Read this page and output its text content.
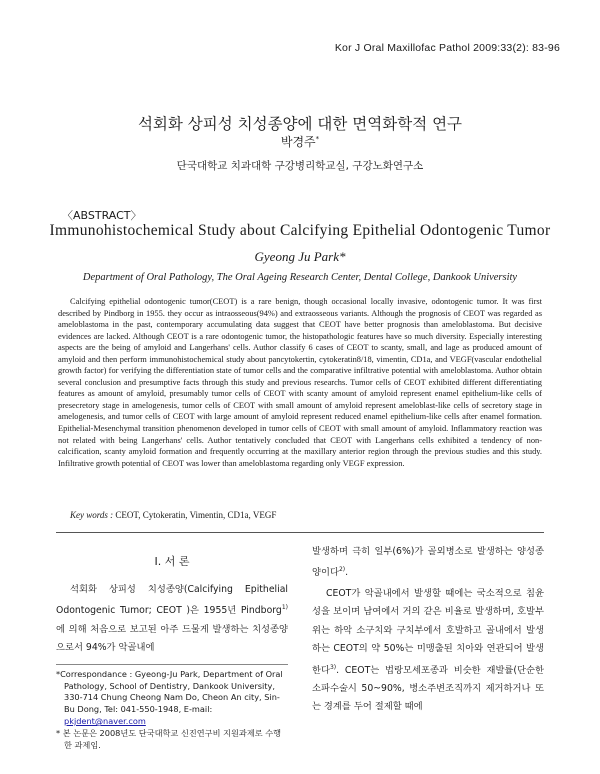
Kor J Oral Maxillofac Pathol 2009:33(2): 83-96
석회화 상피성 치성종양에 대한 면역화학적 연구
박경주*
단국대학교 치과대학 구강병리학교실, 구강노화연구소
〈ABSTRACT〉
Immunohistochemical Study about Calcifying Epithelial Odontogenic Tumor
Gyeong Ju Park*
Department of Oral Pathology, The Oral Ageing Research Center, Dental College, Dankook University

Calcifying epithelial odontogenic tumor(CEOT) is a rare benign, though occasional locally invasive, odontogenic tumor. It was first described by Pindborg in 1955. they occur as intraosseous(94%) and extraosseous variants. Although the prognosis of CEOT was regarded as ameloblastoma in the past, contemporary accumulating data suggest that CEOT have better prognosis than ameloblastoma. But decisive evidences are lacked. Although CEOT is a rare odontogenic tumor, the histopathologic features have so much diversity. Especially interesting aspects are the being of amyloid and Langerhans' cells. Author classify 6 cases of CEOT to scanty, small, and lage as produced amount of amyloid and then perform immunohistochemical study about pancytokertin, cytokeratin8/18, vimentin, CD1a, and VEGF(vascular endothelial growth factor) for verifying the differentiation state of tumor cells and the comparative infiltrative potential with ameloblastoma. Author obtain several conclusion and presumptive facts through this study and previous researchs. Tumor cells of CEOT exhibited different differentiating features as amount of amyloid, presumably tumor cells of CEOT with scanty amount of amyloid represent enamel epithelium-like cells of presecretory stage in amelogenesis, tumor cells of CEOT with small amount of amyloid represent ameloblast-like cells of secretory stage in amelogenesis, and tumor cells of CEOT with large amount of amyloid represent reduced enamel epithelium-like cells after enamel formation. Epithelial-Mesenchymal transition phenomenon developed in tumor cells of CEOT with small amount of amyloid. Inflammatory reaction was not related with being Langerhans' cells. Author tentatively concluded that CEOT with Langerhans cells exhibited a tendency of non-calcification, scanty amyloid formation and frequently occurring at the maxillary anterior region through the previous studies and this study. Infiltrative growth potential of CEOT was lower than ameloblastoma regarding only VEGF expression.

Key words : CEOT, Cytokeratin, Vimentin, CD1a, VEGF
I. 서 론

석회화 상피성 치성종양(Calcifying Epithelial Odontogenic Tumor; CEOT )은 1955년 Pindborg$^{1)}$에 의해 처음으로 보고된 아주 드물게 발생하는 치성종양으로서 94%가 악골내에

*Correspondance : Gyeong-Ju Park, Department of Oral Pathology, School of Dentistry, Dankook University, 330-714 Chung Cheong Nam Do, Cheon An city, Sin-Bu Dong, Tel: 041-550-1948, E-mail: pkjdent@naver.com
* 본 논문은 2008년도 단국대학교 신진연구비 지원과제로 수행한 과제임.

발생하며 극히 일부(6%)가 골외병소로 발생하는 양성종양이다$^{2)}$.

CEOT가 악골내에서 발생할 때에는 국소적으로 침윤성을 보이며 남여에서 거의 같은 비율로 발생하며, 호발부위는 하악 소구치와 구치부에서 호발하고 골내에서 발생하는 CEOT의 약 50%는 미맹출된 치아와 연관되어 발생한다$^{3)}$. CEOT는 법랑모세포종과 비슷한 재발률(단순한 소파수술시 50~90%, 병소주변조직까지 제거하거나 또는 경계를 두어 절제할 때에
